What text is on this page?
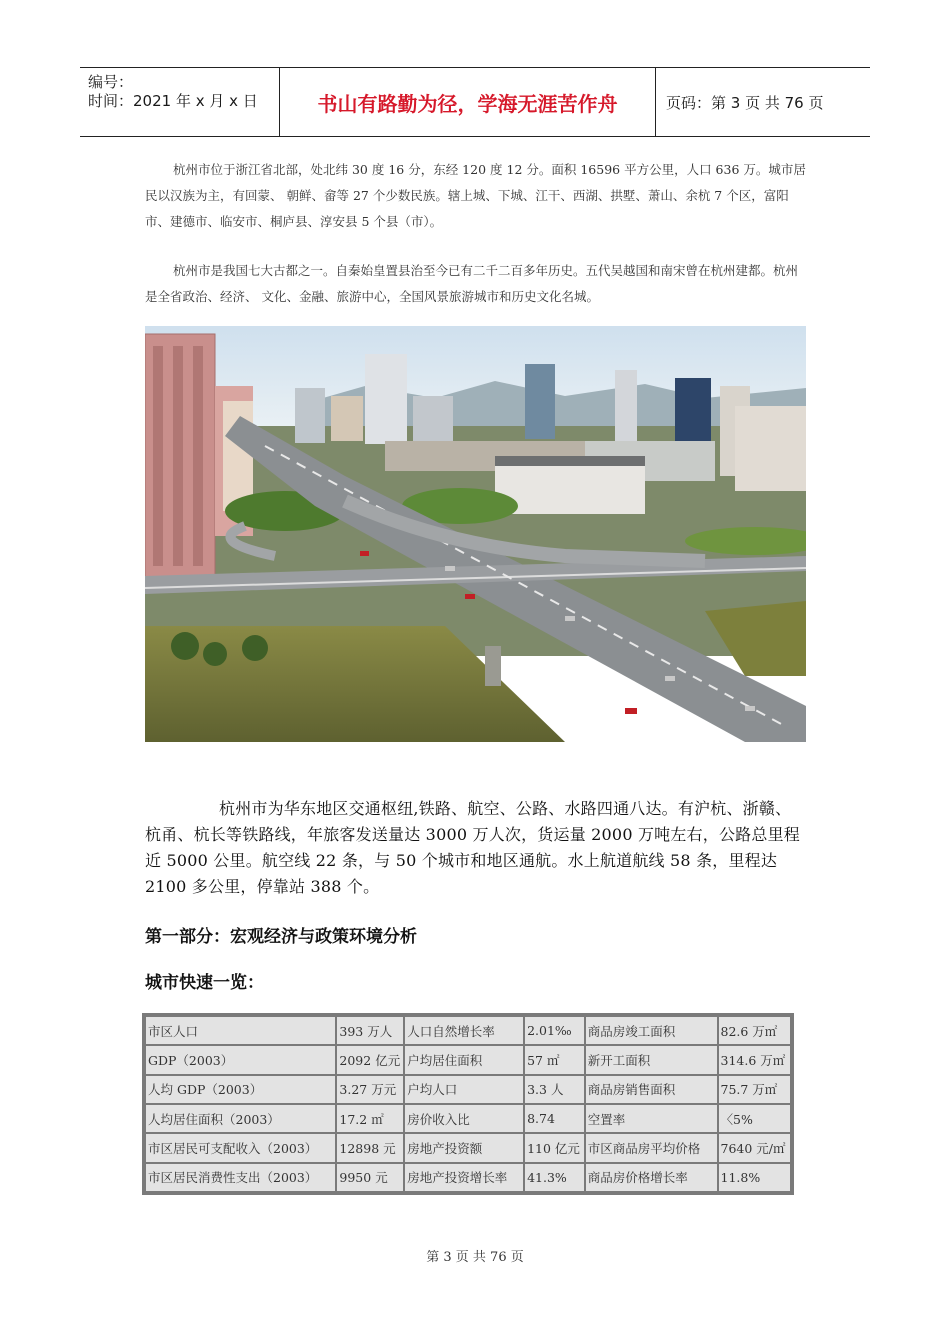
编号：
时间：2021 年 x 月 x 日	书山有路勤为径，学海无涯苦作舟	页码：第 3 页 共 76 页

杭州市位于浙江省北部，处北纬 30 度 16 分，东经 120 度 12 分。面积 16596 平方公里，人口 636 万。城市居民以汉族为主，有回蒙、 朝鲜、畲等 27 个少数民族。辖上城、下城、江干、西湖、拱墅、萧山、余杭 7 个区，富阳市、建德市、临安市、桐庐县、淳安县 5 个县（市）。

杭州市是我国七大古都之一。自秦始皇置县治至今已有二千二百多年历史。五代吴越国和南宋曾在杭州建都。杭州是全省政治、经济、 文化、金融、旅游中心，全国风景旅游城市和历史文化名城。

杭州市为华东地区交通枢纽,铁路、航空、公路、水路四通八达。有沪杭、浙赣、杭甬、杭长等铁路线，年旅客发送量达 3000 万人次，货运量 2000 万吨左右，公路总里程近 5000 公里。航空线 22 条，与 50 个城市和地区通航。水上航道航线 58 条，里程达 2100 多公里，停靠站 388 个。

第一部分：宏观经济与政策环境分析
城市快速一览：
市区人口	393 万人	人口自然增长率	2.01‰	商品房竣工面积	82.6 万㎡
GDP（2003）	2092 亿元	户均居住面积	57 ㎡	新开工面积	314.6 万㎡
人均 GDP（2003）	3.27 万元	户均人口	3.3 人	商品房销售面积	75.7 万㎡
人均居住面积（2003）	17.2 ㎡	房价收入比	8.74	空置率	〈5%
市区居民可支配收入（2003）	12898 元	房地产投资额	110 亿元	市区商品房平均价格	7640 元/㎡
市区居民消费性支出（2003）	9950 元	房地产投资增长率	41.3%	商品房价格增长率	11.8%
第 3 页 共 76 页
